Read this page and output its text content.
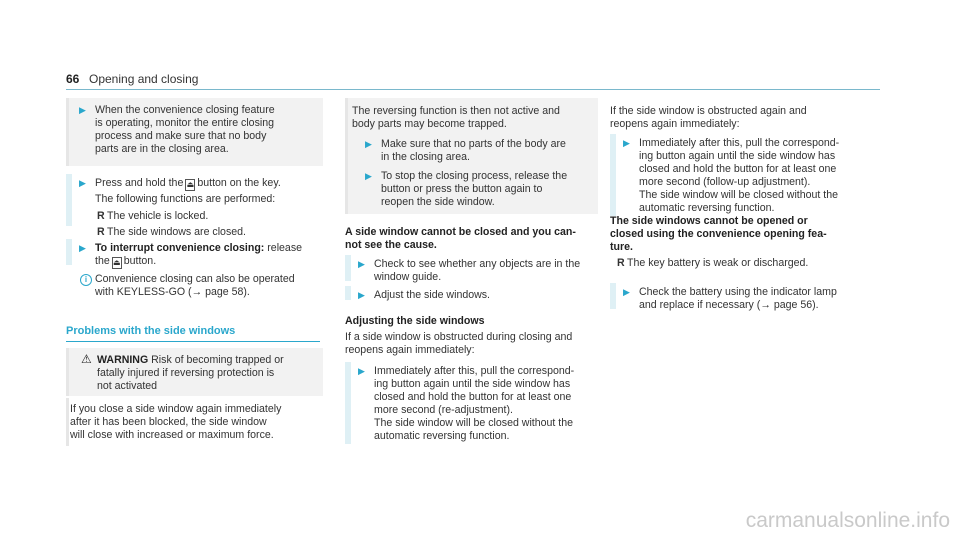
66 Opening and closing
▶ When the convenience closing feature
is operating, monitor the entire closing
process and make sure that no body
parts are in the closing area.
▶ Press and hold the ⏏ button on the key.
The following functions are performed:
R The vehicle is locked.
R The side windows are closed.
▶ To interrupt convenience closing: release
the ⏏ button.
i Convenience closing can also be operated
with KEYLESS-GO (→ page 58).
Problems with the side windows
⚠ WARNING Risk of becoming trapped or
fatally injured if reversing protection is
not activated
If you close a side window again immediately
after it has been blocked, the side window
will close with increased or maximum force.
The reversing function is then not active and
body parts may become trapped.
▶ Make sure that no parts of the body are
in the closing area.
▶ To stop the closing process, release the
button or press the button again to
reopen the side window.
A side window cannot be closed and you can-
not see the cause.
▶ Check to see whether any objects are in the
window guide.
▶ Adjust the side windows.
Adjusting the side windows
If a side window is obstructed during closing and
reopens again immediately:
▶ Immediately after this, pull the correspond-
ing button again until the side window has
closed and hold the button for at least one
more second (re-adjustment).
The side window will be closed without the
automatic reversing function.
If the side window is obstructed again and
reopens again immediately:
▶ Immediately after this, pull the correspond-
ing button again until the side window has
closed and hold the button for at least one
more second (follow-up adjustment).
The side window will be closed without the
automatic reversing function.
The side windows cannot be opened or
closed using the convenience opening fea-
ture.
R The key battery is weak or discharged.
▶ Check the battery using the indicator lamp
and replace if necessary (→ page 56).
carmanualsonline.info
